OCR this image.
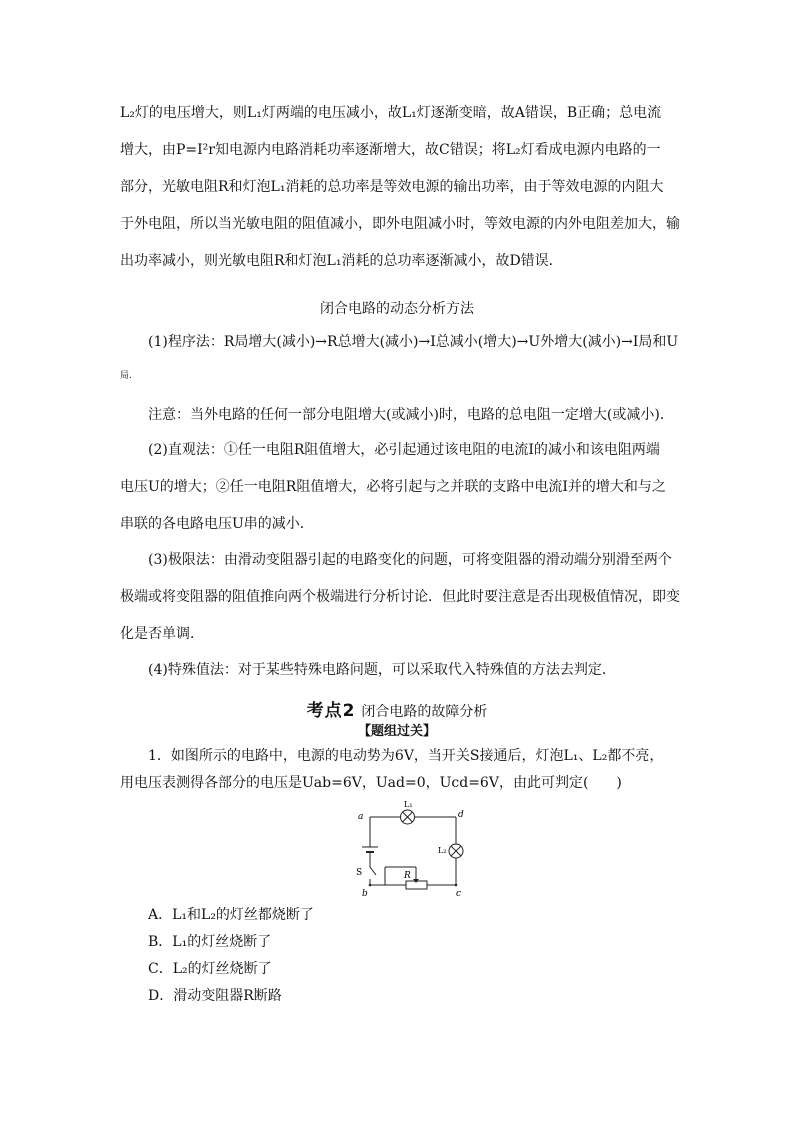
L₂灯的电压增大，则L₁灯两端的电压减小，故L₁灯逐渐变暗，故A错误，B正确；总电流
增大，由P=I²r知电源内电路消耗功率逐渐增大，故C错误；将L₂灯看成电源内电路的一
部分，光敏电阻R和灯泡L₁消耗的总功率是等效电源的输出功率，由于等效电源的内阻大
于外电阻，所以当光敏电阻的阻值减小，即外电阻减小时，等效电源的内外电阻差加大，输
出功率减小，则光敏电阻R和灯泡L₁消耗的总功率逐渐减小，故D错误．
闭合电路的动态分析方法
(1)程序法：R局增大(减小)→R总增大(减小)→I总减小(增大)→U外增大(减小)→I局和U
局.
注意：当外电路的任何一部分电阻增大(或减小)时，电路的总电阻一定增大(或减小)．
(2)直观法：①任一电阻R阻值增大，必引起通过该电阻的电流I的减小和该电阻两端
电压U的增大；②任一电阻R阻值增大，必将引起与之并联的支路中电流I并的增大和与之
串联的各电路电压U串的减小．
(3)极限法：由滑动变阻器引起的电路变化的问题，可将变阻器的滑动端分别滑至两个
极端或将变阻器的阻值推向两个极端进行分析讨论．但此时要注意是否出现极值情况，即变
化是否单调．
(4)特殊值法：对于某些特殊电路问题，可以采取代入特殊值的方法去判定．
考点2 闭合电路的故障分析
【题组过关】
1．如图所示的电路中，电源的电动势为6V，当开关S接通后，灯泡L₁、L₂都不亮，
用电压表测得各部分的电压是Uab=6V，Uad=0，Ucd=6V，由此可判定(　　)
a	d
b	c
L₁
L₂
S	R
A．L₁和L₂的灯丝都烧断了
B．L₁的灯丝烧断了
C．L₂的灯丝烧断了
D．滑动变阻器R断路
